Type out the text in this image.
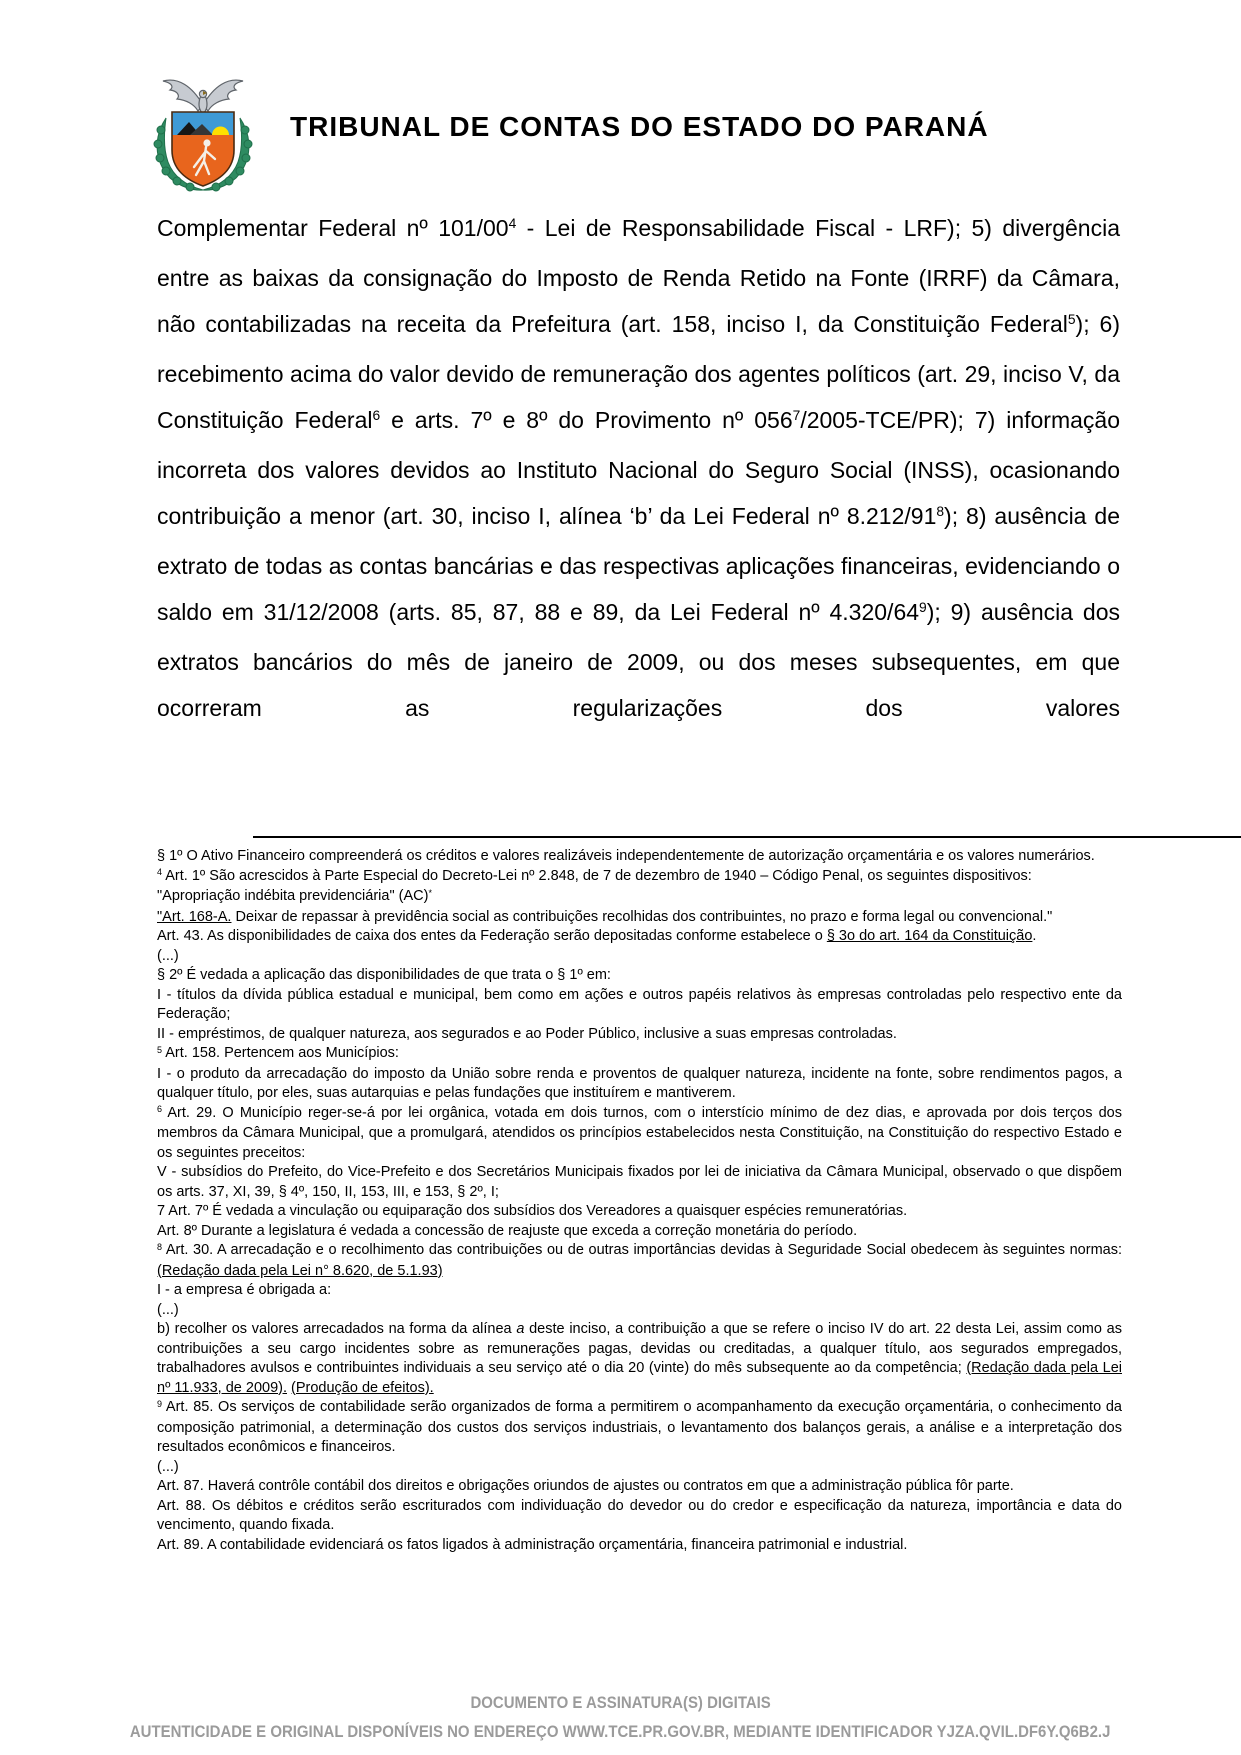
TRIBUNAL DE CONTAS DO ESTADO DO PARANÁ
Complementar Federal nº $101/00^4$ - Lei de Responsabilidade Fiscal - LRF); 5) divergência entre as baixas da consignação do Imposto de Renda Retido na Fonte (IRRF) da Câmara, não contabilizadas na receita da Prefeitura (art. 158, inciso I, da Constituição Federal$^5$); 6) recebimento acima do valor devido de remuneração dos agentes políticos (art. 29, inciso V, da Constituição Federal$^6$ e arts. 7º e 8º do Provimento nº $056^7/2005-TCE/PR$); 7) informação incorreta dos valores devidos ao Instituto Nacional do Seguro Social (INSS), ocasionando contribuição a menor (art. 30, inciso I, alínea ‘b’ da Lei Federal nº $8.212/91^8$); 8) ausência de extrato de todas as contas bancárias e das respectivas aplicações financeiras, evidenciando o saldo em 31/12/2008 (arts. 85, 87, 88 e 89, da Lei Federal nº $4.320/64^9$); 9) ausência dos extratos bancários do mês de janeiro de 2009, ou dos meses subsequentes, em que ocorreram as regularizações dos valores

§ 1º O Ativo Financeiro compreenderá os créditos e valores realizáveis independentemente de autorização orçamentária e os valores numerários.

$^4$ Art. 1º São acrescidos à Parte Especial do Decreto-Lei nº 2.848, de 7 de dezembro de 1940 – Código Penal, os seguintes dispositivos:

"Apropriação indébita previdenciária" (AC)*

"Art. 168-A. Deixar de repassar à previdência social as contribuições recolhidas dos contribuintes, no prazo e forma legal ou convencional."

Art. 43. As disponibilidades de caixa dos entes da Federação serão depositadas conforme estabelece o § 3o do art. 164 da Constituição.

(...)

§ 2º É vedada a aplicação das disponibilidades de que trata o § 1º em:

I - títulos da dívida pública estadual e municipal, bem como em ações e outros papéis relativos às empresas controladas pelo respectivo ente da Federação;

II - empréstimos, de qualquer natureza, aos segurados e ao Poder Público, inclusive a suas empresas controladas.

$^5$ Art. 158. Pertencem aos Municípios:

I - o produto da arrecadação do imposto da União sobre renda e proventos de qualquer natureza, incidente na fonte, sobre rendimentos pagos, a qualquer título, por eles, suas autarquias e pelas fundações que instituírem e mantiverem.

$^6$ Art. 29. O Município reger-se-á por lei orgânica, votada em dois turnos, com o interstício mínimo de dez dias, e aprovada por dois terços dos membros da Câmara Municipal, que a promulgará, atendidos os princípios estabelecidos nesta Constituição, na Constituição do respectivo Estado e os seguintes preceitos:

V - subsídios do Prefeito, do Vice-Prefeito e dos Secretários Municipais fixados por lei de iniciativa da Câmara Municipal, observado o que dispõem os arts. 37, XI, 39, § 4º, 150, II, 153, III, e 153, § 2º, I;

7 Art. 7º É vedada a vinculação ou equiparação dos subsídios dos Vereadores a quaisquer espécies remuneratórias.

Art. 8º Durante a legislatura é vedada a concessão de reajuste que exceda a correção monetária do período.

$^8$ Art. 30. A arrecadação e o recolhimento das contribuições ou de outras importâncias devidas à Seguridade Social obedecem às seguintes normas: (Redação dada pela Lei n° 8.620, de 5.1.93)

I - a empresa é obrigada a:

(...)

b) recolher os valores arrecadados na forma da alínea a deste inciso, a contribuição a que se refere o inciso IV do art. 22 desta Lei, assim como as contribuições a seu cargo incidentes sobre as remunerações pagas, devidas ou creditadas, a qualquer título, aos segurados empregados, trabalhadores avulsos e contribuintes individuais a seu serviço até o dia 20 (vinte) do mês subsequente ao da competência; (Redação dada pela Lei nº 11.933, de 2009). (Produção de efeitos).

$^9$ Art. 85. Os serviços de contabilidade serão organizados de forma a permitirem o acompanhamento da execução orçamentária, o conhecimento da composição patrimonial, a determinação dos custos dos serviços industriais, o levantamento dos balanços gerais, a análise e a interpretação dos resultados econômicos e financeiros.

(...)

Art. 87. Haverá contrôle contábil dos direitos e obrigações oriundos de ajustes ou contratos em que a administração pública fôr parte.

Art. 88. Os débitos e créditos serão escriturados com individuação do devedor ou do credor e especificação da natureza, importância e data do vencimento, quando fixada.

Art. 89. A contabilidade evidenciará os fatos ligados à administração orçamentária, financeira patrimonial e industrial.

DOCUMENTO E ASSINATURA(S) DIGITAIS
AUTENTICIDADE E ORIGINAL DISPONÍVEIS NO ENDEREÇO WWW.TCE.PR.GOV.BR, MEDIANTE IDENTIFICADOR YJZA.QVIL.DF6Y.Q6B2.J
